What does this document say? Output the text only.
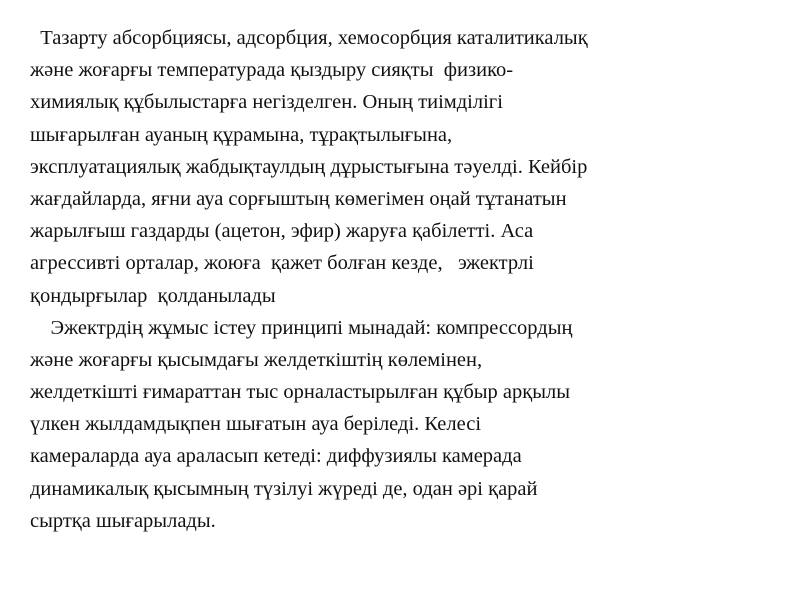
Тазарту абсорбциясы, адсорбция, хемосорбция каталитикалық
және жоғарғы температурада қыздыру сияқты  физико-
химиялық құбылыстарға негізделген. Оның тиімділігі
шығарылған ауаның құрамына, тұрақтылығына,
эксплуатациялық жабдықтаулдың дұрыстығына тәуелді. Кейбір
жағдайларда, яғни ауа сорғыштың көмегімен оңай тұтанатын
жарылғыш газдарды (ацетон, эфир) жаруға қабілетті. Аса
агрессивті орталар, жоюға  қажет болған кезде,   эжектрлі
қондырғылар  қолданылады
Эжектрдің жұмыс істеу принципі мынадай: компрессордың
және жоғарғы қысымдағы желдеткіштің көлемінен,
желдеткішті ғимараттан тыс орналастырылған құбыр арқылы
үлкен жылдамдықпен шығатын ауа беріледі. Келесі
камераларда ауа араласып кетеді: диффузиялы камерада
динамикалық қысымның түзілуі жүреді де, одан әрі қарай
сыртқа шығарылады.
